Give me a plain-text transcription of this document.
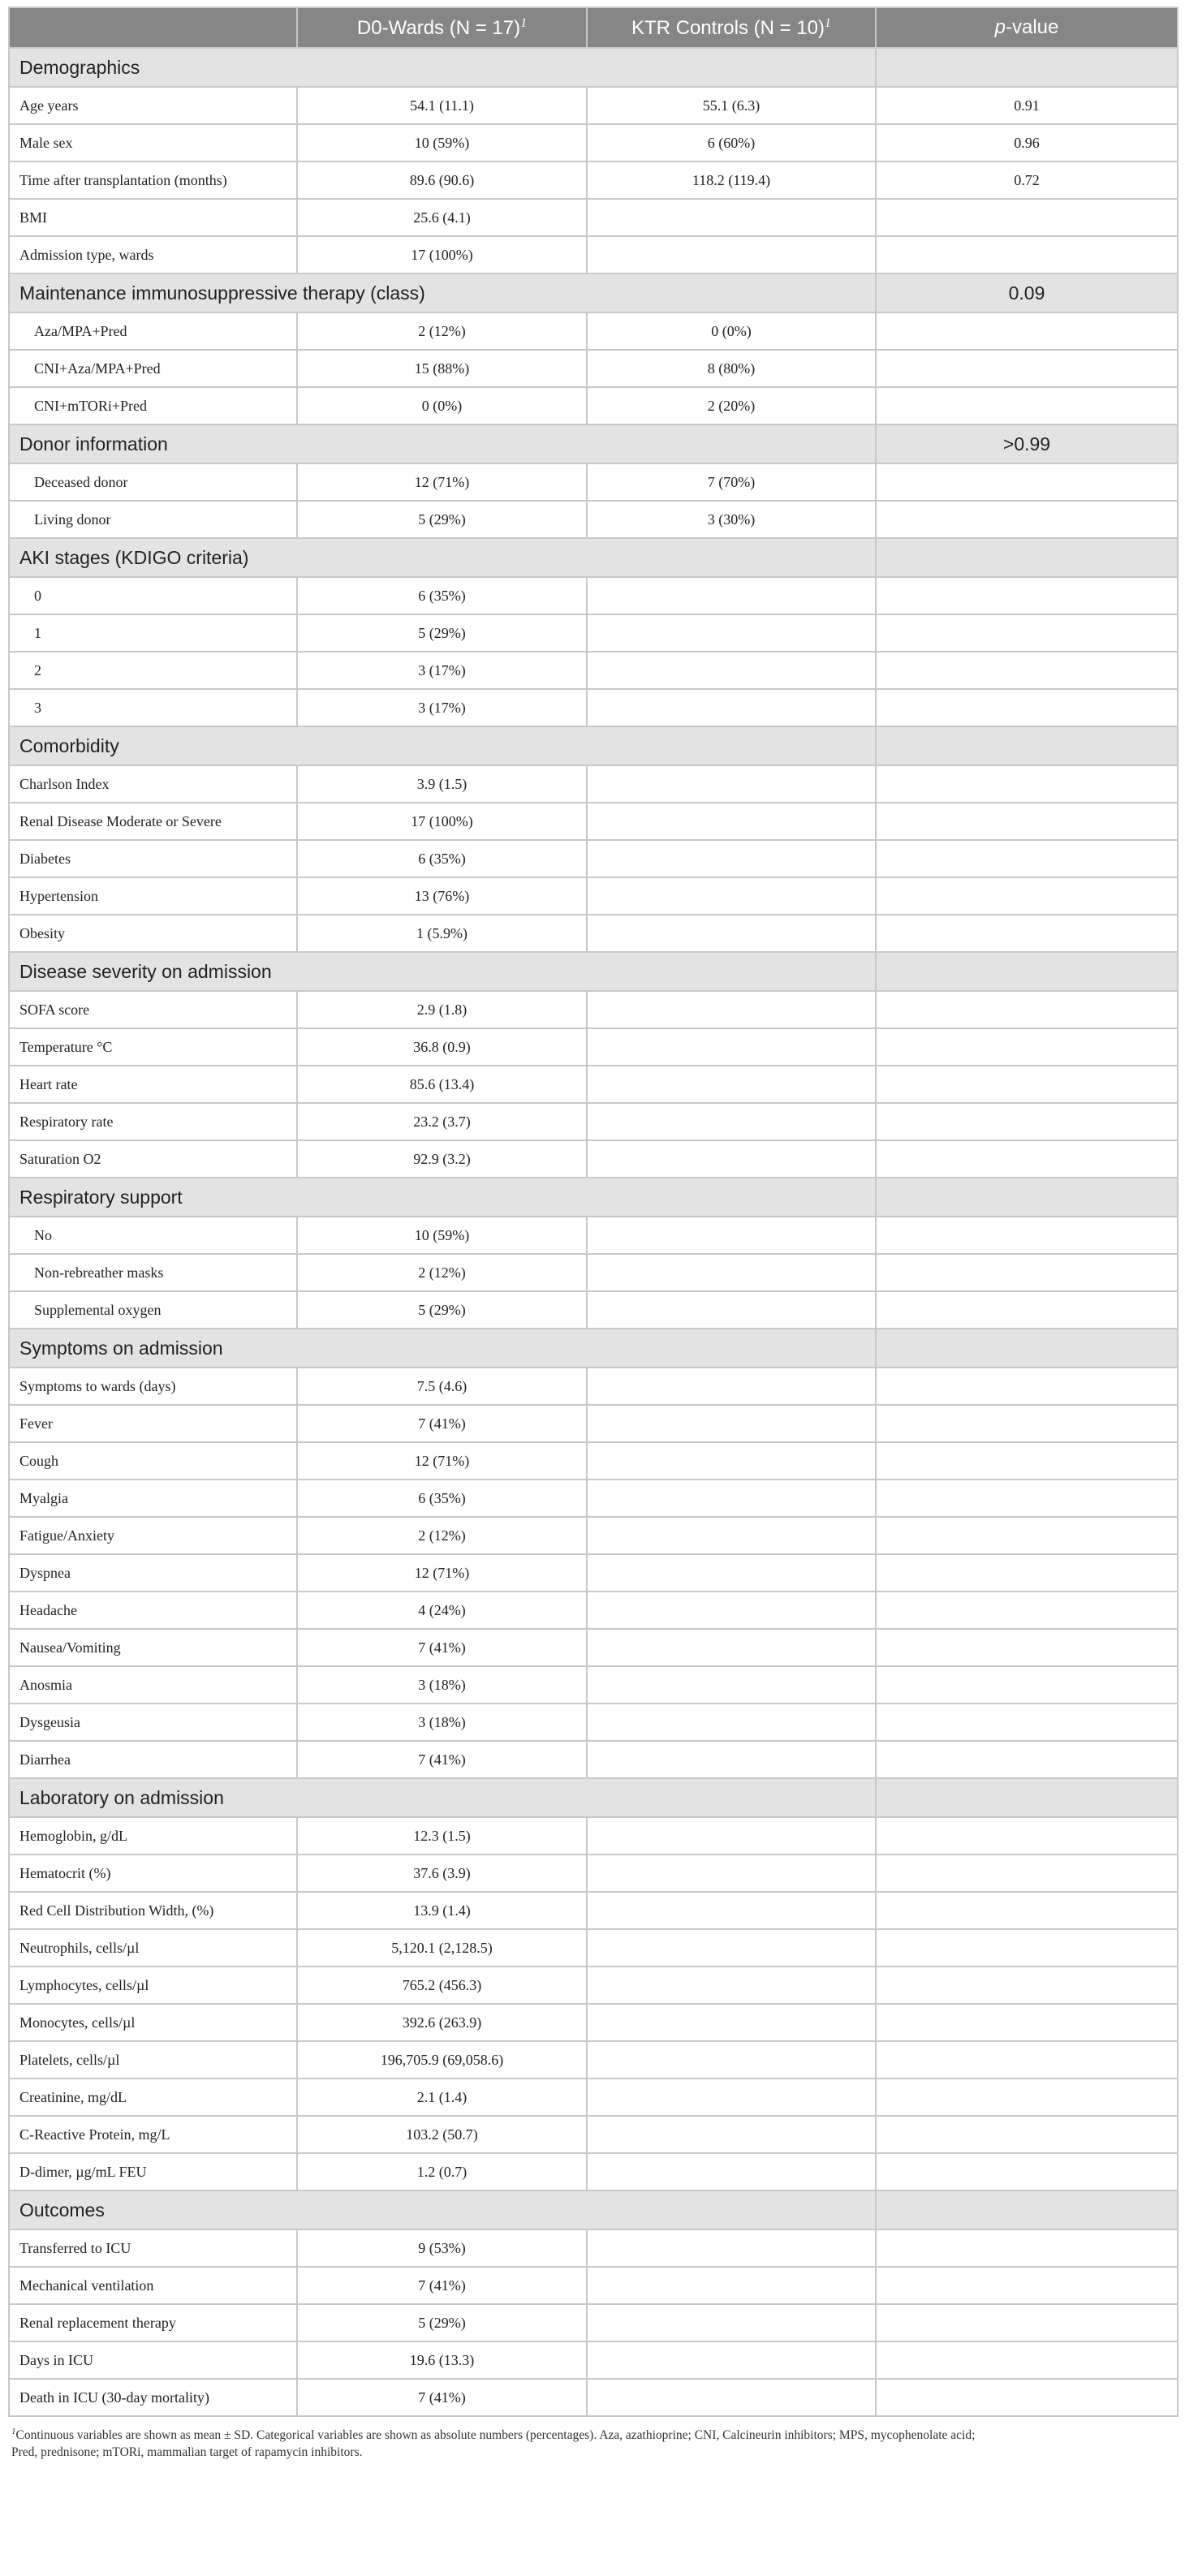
	D0-Wards (N = 17)$^1$	KTR Controls (N = 10)$^1$	p-value
Demographics			
Age years	54.1 (11.1)	55.1 (6.3)	0.91
Male sex	10 (59%)	6 (60%)	0.96
Time after transplantation (months)	89.6 (90.6)	118.2 (119.4)	0.72
BMI	25.6 (4.1)		
Admission type, wards	17 (100%)		
Maintenance immunosuppressive therapy (class)			0.09
Aza/MPA+Pred	2 (12%)	0 (0%)	
CNI+Aza/MPA+Pred	15 (88%)	8 (80%)	
CNI+mTORi+Pred	0 (0%)	2 (20%)	
Donor information			>0.99
Deceased donor	12 (71%)	7 (70%)	
Living donor	5 (29%)	3 (30%)	
AKI stages (KDIGO criteria)			
0	6 (35%)		
1	5 (29%)		
2	3 (17%)		
3	3 (17%)		
Comorbidity			
Charlson Index	3.9 (1.5)		
Renal Disease Moderate or Severe	17 (100%)		
Diabetes	6 (35%)		
Hypertension	13 (76%)		
Obesity	1 (5.9%)		
Disease severity on admission			
SOFA score	2.9 (1.8)		
Temperature °C	36.8 (0.9)		
Heart rate	85.6 (13.4)		
Respiratory rate	23.2 (3.7)		
Saturation O2	92.9 (3.2)		
Respiratory support			
No	10 (59%)		
Non-rebreather masks	2 (12%)		
Supplemental oxygen	5 (29%)		
Symptoms on admission			
Symptoms to wards (days)	7.5 (4.6)		
Fever	7 (41%)		
Cough	12 (71%)		
Myalgia	6 (35%)		
Fatigue/Anxiety	2 (12%)		
Dyspnea	12 (71%)		
Headache	4 (24%)		
Nausea/Vomiting	7 (41%)		
Anosmia	3 (18%)		
Dysgeusia	3 (18%)		
Diarrhea	7 (41%)		
Laboratory on admission			
Hemoglobin, g/dL	12.3 (1.5)		
Hematocrit (%)	37.6 (3.9)		
Red Cell Distribution Width, (%)	13.9 (1.4)		
Neutrophils, cells/µl	5,120.1 (2,128.5)		
Lymphocytes, cells/µl	765.2 (456.3)		
Monocytes, cells/µl	392.6 (263.9)		
Platelets, cells/µl	196,705.9 (69,058.6)		
Creatinine, mg/dL	2.1 (1.4)		
C-Reactive Protein, mg/L	103.2 (50.7)		
D-dimer, µg/mL FEU	1.2 (0.7)		
Outcomes			
Transferred to ICU	9 (53%)		
Mechanical ventilation	7 (41%)		
Renal replacement therapy	5 (29%)		
Days in ICU	19.6 (13.3)		
Death in ICU (30-day mortality)	7 (41%)		
$^1$Continuous variables are shown as mean ± SD. Categorical variables are shown as absolute numbers (percentages). Aza, azathioprine; CNI, Calcineurin inhibitors; MPS, mycophenolate acid;
Pred, prednisone; mTORi, mammalian target of rapamycin inhibitors.
